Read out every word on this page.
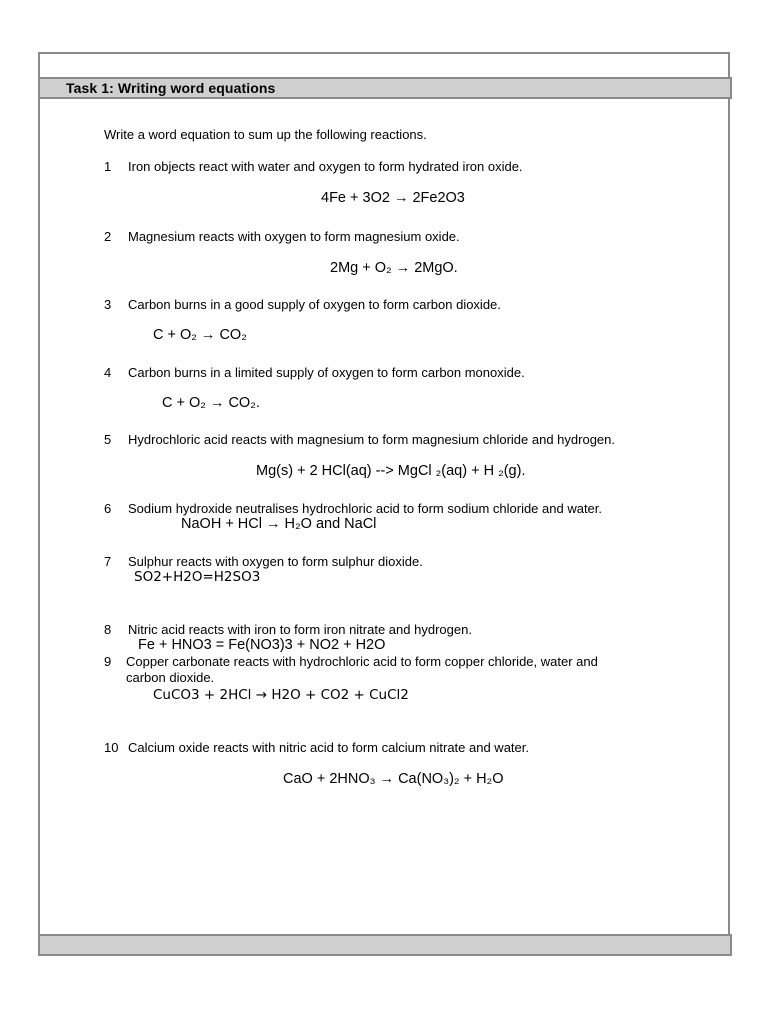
Task 1: Writing word equations
Write a word equation to sum up the following reactions.
1 Iron objects react with water and oxygen to form hydrated iron oxide.
4Fe + 3O2 → 2Fe2O3
2 Magnesium reacts with oxygen to form magnesium oxide.
2Mg + O₂ → 2MgO.
3 Carbon burns in a good supply of oxygen to form carbon dioxide.
C + O₂ → CO₂
4 Carbon burns in a limited supply of oxygen to form carbon monoxide.
C + O₂ → CO₂.
5 Hydrochloric acid reacts with magnesium to form magnesium chloride and hydrogen.
Mg(s) + 2 HCl(aq) --> MgCl ₂(aq) + H ₂(g).
6 Sodium hydroxide neutralises hydrochloric acid to form sodium chloride and water.
NaOH + HCl → H₂O and NaCl
7 Sulphur reacts with oxygen to form sulphur dioxide.
SO2+H2O=H2SO3
8 Nitric acid reacts with iron to form iron nitrate and hydrogen.
Fe + HNO3 = Fe(NO3)3 + NO2 + H2O
9 Copper carbonate reacts with hydrochloric acid to form copper chloride, water and
carbon dioxide.
CuCO3 + 2HCl → H2O + CO2 + CuCl2
10 Calcium oxide reacts with nitric acid to form calcium nitrate and water.
CaO + 2HNO₃ → Ca(NO₃)₂ + H₂O
